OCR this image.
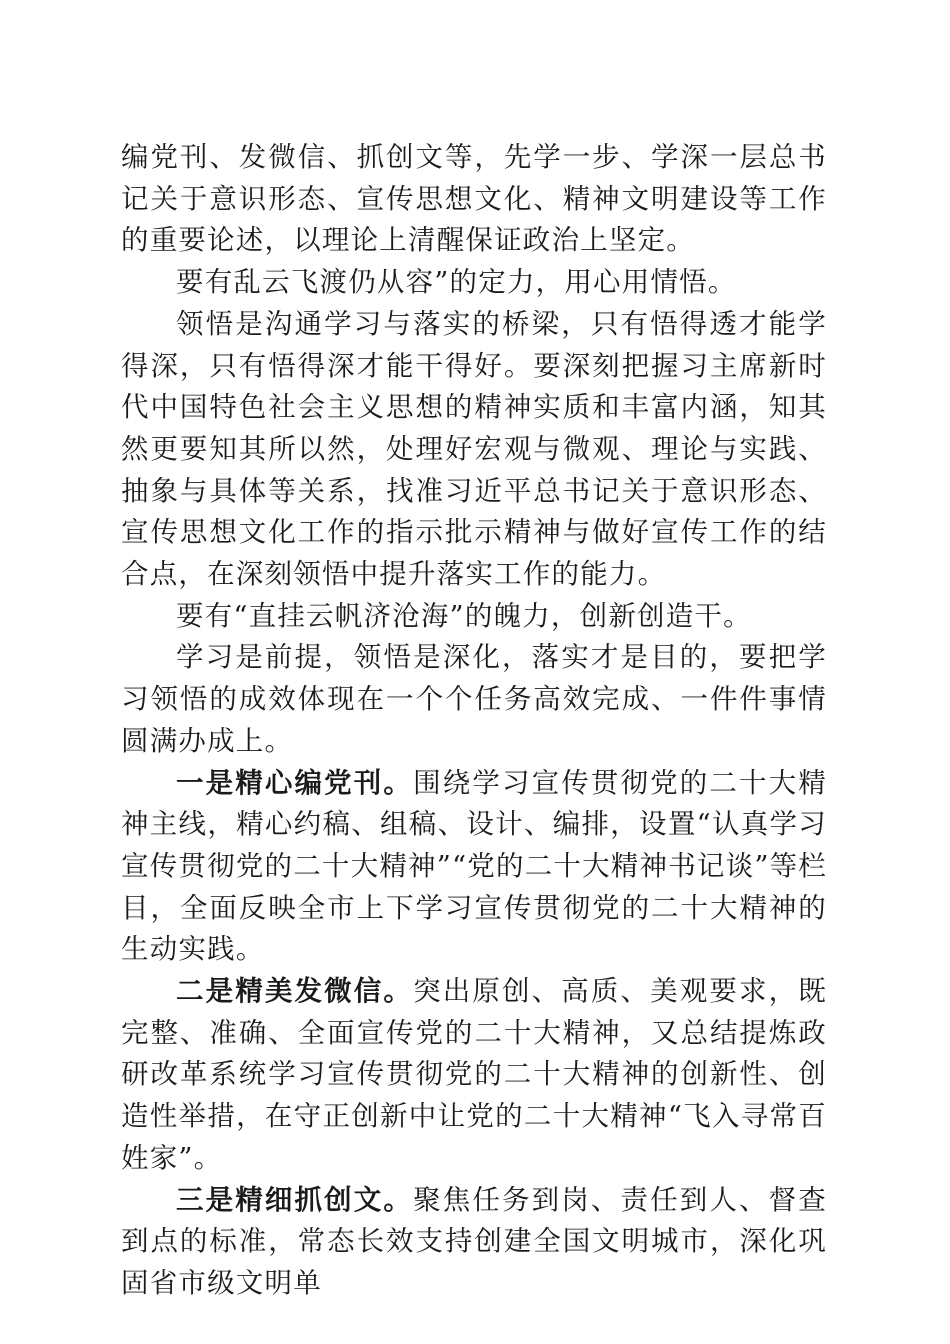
编党刊、发微信、抓创文等，先学一步、学深一层总书记关于意识形态、宣传思想文化、精神文明建设等工作的重要论述，以理论上清醒保证政治上坚定。

要有乱云飞渡仍从容”的定力，用心用情悟。

领悟是沟通学习与落实的桥梁，只有悟得透才能学得深，只有悟得深才能干得好。要深刻把握习主席新时代中国特色社会主义思想的精神实质和丰富内涵，知其然更要知其所以然，处理好宏观与微观、理论与实践、抽象与具体等关系，找准习近平总书记关于意识形态、宣传思想文化工作的指示批示精神与做好宣传工作的结合点，在深刻领悟中提升落实工作的能力。

要有“直挂云帆济沧海”的魄力，创新创造干。

学习是前提，领悟是深化，落实才是目的，要把学习领悟的成效体现在一个个任务高效完成、一件件事情圆满办成上。

一是精心编党刊。围绕学习宣传贯彻党的二十大精神主线，精心约稿、组稿、设计、编排，设置“认真学习宣传贯彻党的二十大精神”“党的二十大精神书记谈”等栏目，全面反映全市上下学习宣传贯彻党的二十大精神的生动实践。

二是精美发微信。突出原创、高质、美观要求，既完整、准确、全面宣传党的二十大精神，又总结提炼政研改革系统学习宣传贯彻党的二十大精神的创新性、创造性举措，在守正创新中让党的二十大精神“飞入寻常百姓家”。

三是精细抓创文。聚焦任务到岗、责任到人、督查到点的标准，常态长效支持创建全国文明城市，深化巩固省市级文明单
